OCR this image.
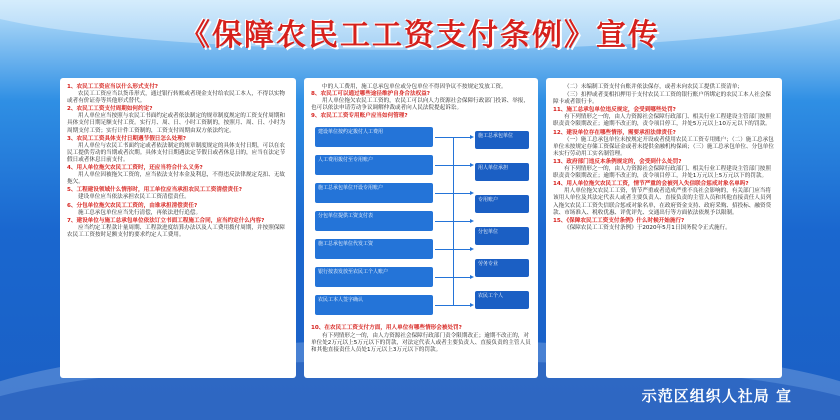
《保障农民工工资支付条例》宣传
1、农民工工资应当以什么形式支付?
农民工工资应当以货币形式，通过银行转账或者现金支付给农民工本人，不得以实物或者有价证券等其他形式替代。
2、农民工工资支付周期如何约定?
用人单位应当按照与农民工书面约定或者依法制定的规章制度规定的工资支付周期和具体支付日期足额支付工资。实行月、周、日、小时工资制的，按照月、周、日、小时为周期支付工资；实行计件工资制的，工资支付周期由双方依法约定。
3、农民工工资具体支付日期遇节假日怎么处理?
用人单位与农民工书面约定或者依法制定的规章制度规定的具体支付日期，可以在农民工提供劳动的当期或者次期。具体支付日期遇法定节假日或者休息日的，应当在法定节假日或者休息日前支付。
4、用人单位拖欠农民工工资时，还应当符合什么义务?
用人单位因被拖欠工资的，应当依法支付本金及利息，不得违反法律规定克扣、无故拖欠。
5、工程建设领域什么情形时，用工单位应当承担农民工工资清偿责任?
建设单位应当依法承担农民工工资清偿责任。
6、分包单位拖欠农民工工资的，由谁承担清偿责任?
施工总承包单位应当先行清偿，再依法进行追偿。
7、建设单位与施工总承包单位依法订立书面工程施工合同，应当约定什么内容?
应当约定工程款计量周期、工程款进度结算办法以及人工费用拨付周期，并按照保障农民工工资按时足额支付的要求约定人工费用。
中的人工费用，施工总承包单位或分包单位不得因争议不按规定发放工资。
8、农民工可以通过哪些途径维护自身合法权益?
用人单位拖欠农民工工资的，农民工可以向人力资源社会保障行政部门投诉、举报，也可以依法申请劳动争议调解仲裁或者向人民法院提起诉讼。
9、农民工工资专用账户应当如何管理?
建设单位按约定拨付人工费用
人工费用拨付至专用账户
施工总承包单位开设专用账户
分包单位提供工资支付表
施工总承包单位代发工资
银行按表发放至农民工个人账户
农民工本人签字确认
施工总承包单位
用人单位承担
专用账户
分包单位
劳务专业
农民工个人
10、在农民工工资支付方面，用人单位有哪些情形会被处罚?
有下列情形之一的，由人力资源社会保障行政部门责令限期改正；逾期不改正的，对单位处2万元以上5万元以下的罚款，对法定代表人或者主要负责人、直接负责的主管人员和其他直接责任人员处1万元以上3万元以下的罚款。
（二）未编制工资支付台账并依法保存，或者未向农民工提供工资清单；
（三）扣押或者变相扣押用于支付农民工工资的银行账户所绑定的农民工本人社会保障卡或者银行卡。
11、施工总承包单位违反规定，会受到哪些处罚?
有下列情形之一的，由人力资源社会保障行政部门、相关行业工程建设主管部门按照职责责令限期改正；逾期不改正的，责令项目停工，并处5万元以上10万元以下的罚款。
12、建设单位存在哪些情形，需要承担法律责任?
（一）施工总承包单位未按规定开设或者使用农民工工资专用账户；（二）施工总承包单位未按规定存储工资保证金或者未提供金融机构保函；（三）施工总承包单位、分包单位未实行劳动用工实名制管理。
13、政府部门违反本条例规定的，会受到什么处罚?
有下列情形之一的，由人力资源社会保障行政部门、相关行业工程建设主管部门按照职责责令限期改正；逾期不改正的，责令项目停工，并处1万元以上5万元以下的罚款。
14、用人单位拖欠农民工工资，情节严重的会被列入失信联合惩戒对象名单吗?
用人单位拖欠农民工工资，情节严重或者造成严重不良社会影响的，有关部门应当将该用人单位及其法定代表人或者主要负责人、直接负责的主管人员和其他直接责任人员列入拖欠农民工工资失信联合惩戒对象名单，在政府资金支持、政府采购、招投标、融资贷款、市场准入、税收优惠、评优评先、交通出行等方面依法依规予以限制。
15、《保障农民工工资支付条例》什么时候开始施行?
《保障农民工工资支付条例》于2020年5月1日国务院令正式施行。
示范区组织人社局 宣
